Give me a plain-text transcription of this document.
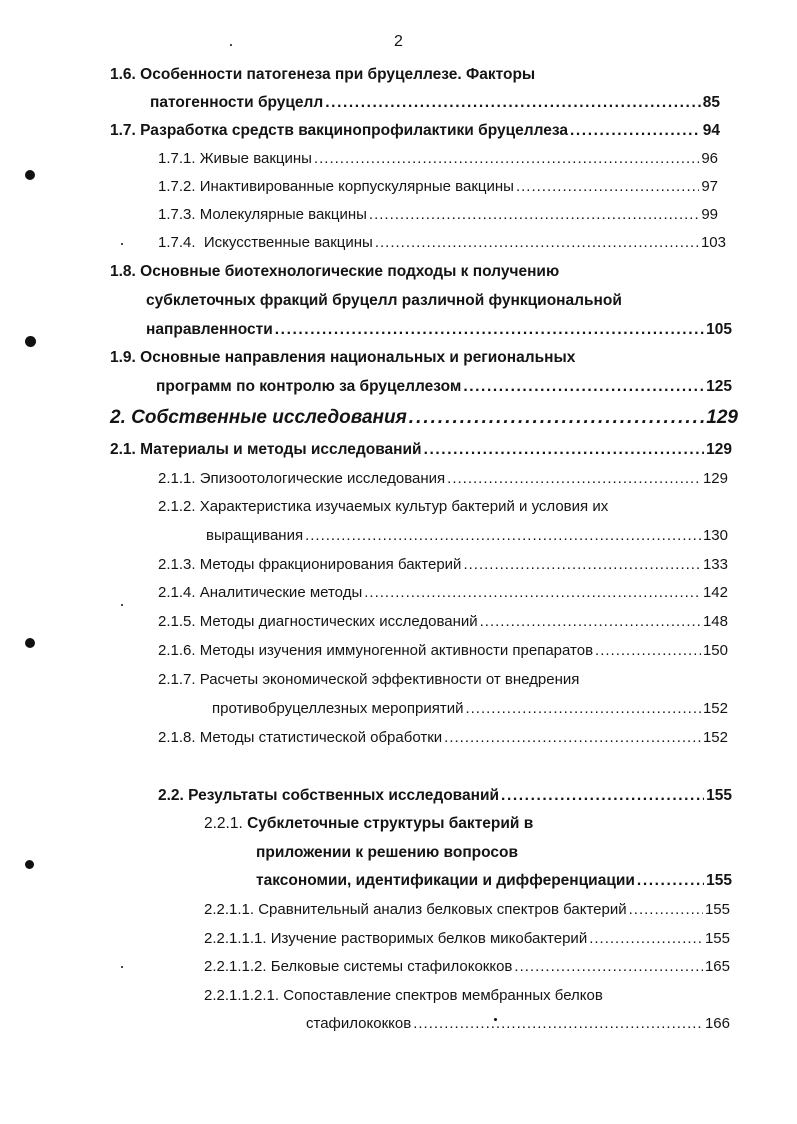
2
1.6. Особенности патогенеза при бруцеллезе. Факторы
патогенности бруцелл .....	85
1.7. Разработка средств вакцинопрофилактики бруцеллеза .....	94
1.7.1. Живые вакцины .....	96
1.7.2. Инактивированные корпускулярные вакцины .....	97
1.7.3. Молекулярные вакцины .....	99
1.7.4. Искусственные вакцины .....	103
1.8. Основные биотехнологические подходы к получению
субклеточных фракций бруцелл различной функциональной
направленности .....	105
1.9. Основные направления национальных и региональных
программ по контролю за бруцеллезом .....	125
2. Собственные исследования .....	129
2.1. Материалы и методы исследований .....	129
2.1.1. Эпизоотологические исследования .....	129
2.1.2. Характеристика изучаемых культур бактерий и условия их
выращивания .....	130
2.1.3. Методы фракционирования бактерий .....	133
2.1.4. Аналитические методы .....	142
2.1.5. Методы диагностических исследований .....	148
2.1.6. Методы изучения иммуногенной активности препаратов .....	150
2.1.7. Расчеты экономической эффективности от внедрения
противобруцеллезных мероприятий .....	152
2.1.8. Методы статистической обработки .....	152
2.2. Результаты собственных исследований .....	155
2.2.1. Субклеточные структуры бактерий в
приложении к решению вопросов
таксономии, идентификации и дифференциации .....	155
2.2.1.1. Сравнительный анализ белковых спектров бактерий .....	155
2.2.1.1.1. Изучение растворимых белков микобактерий .....	155
2.2.1.1.2. Белковые системы стафилококков .....	165
2.2.1.1.2.1. Сопоставление спектров мембранных белков
стафилококков .....	166
